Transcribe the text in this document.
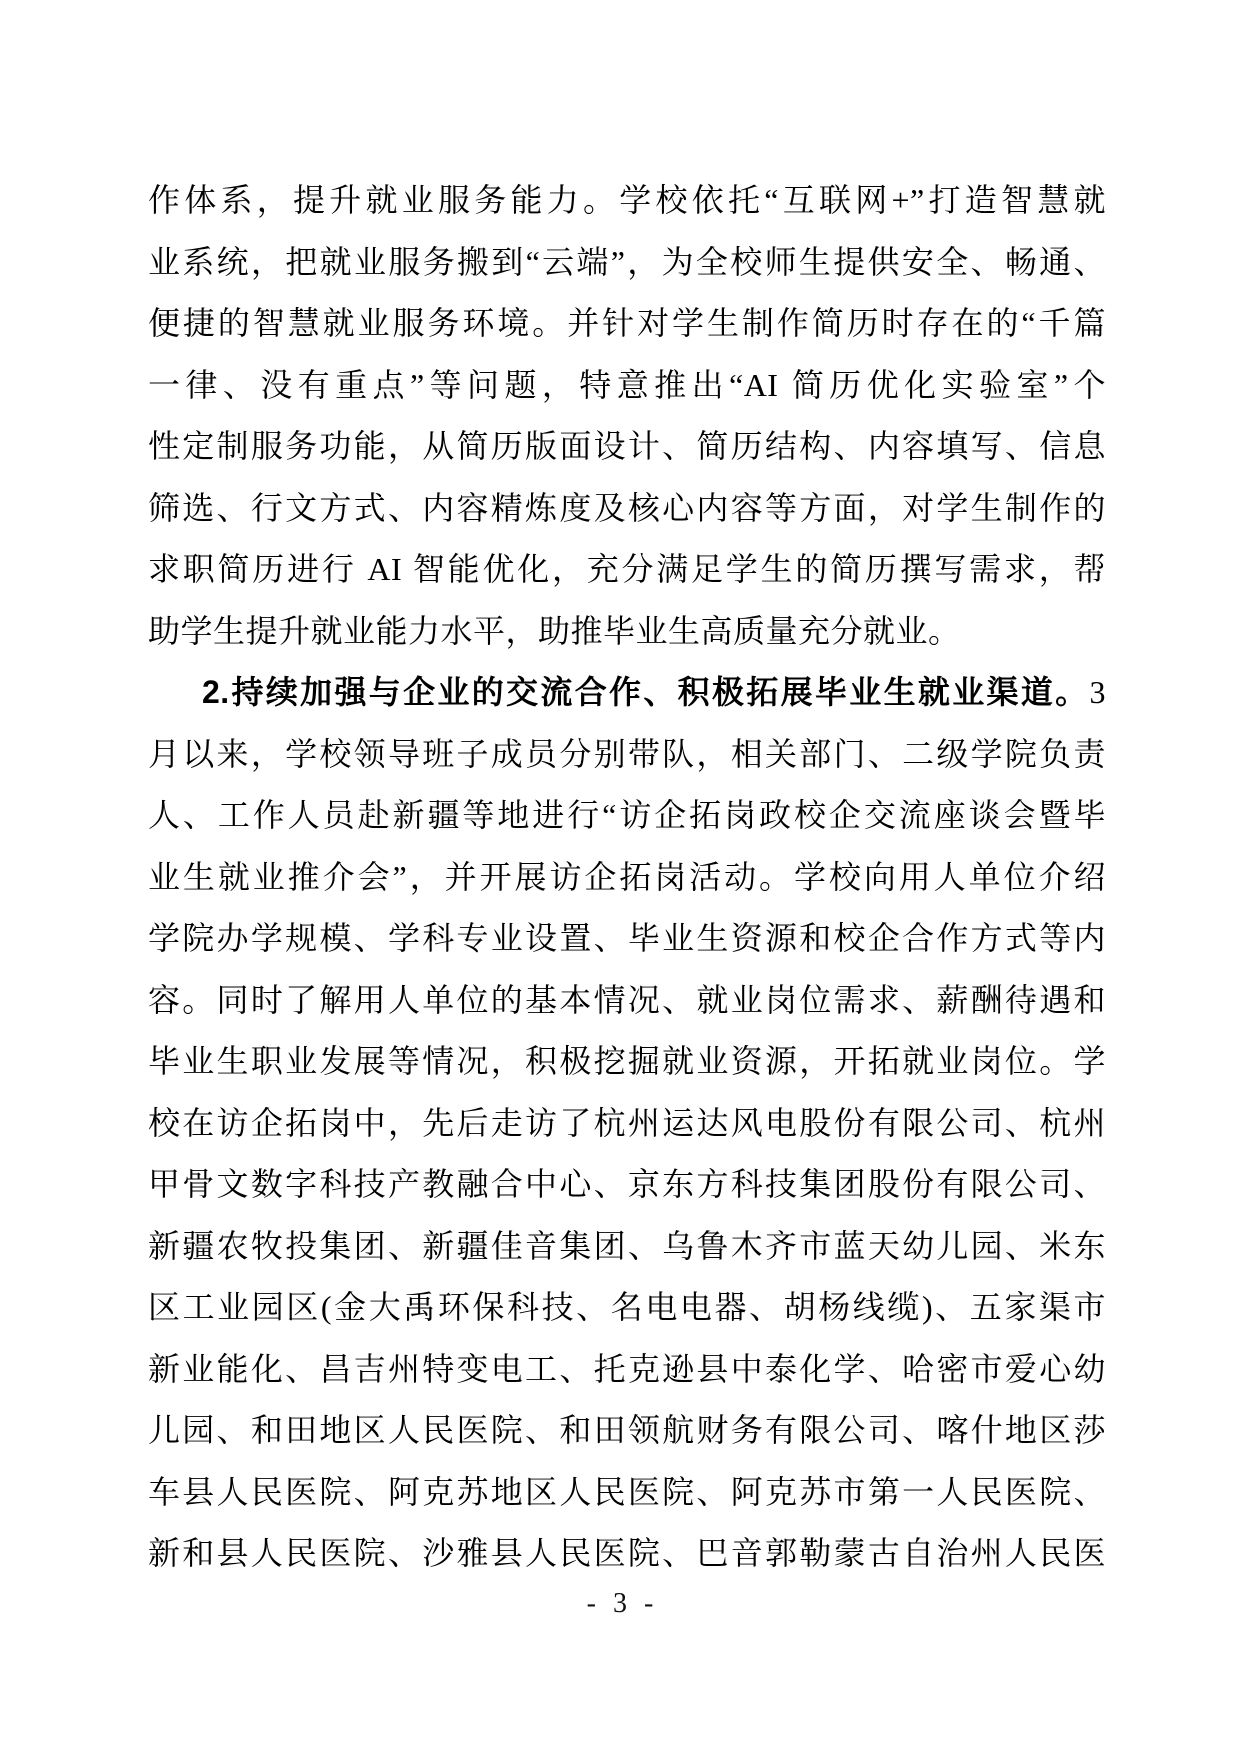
作体系，提升就业服务能力。学校依托“互联网+”打造智慧就
业系统，把就业服务搬到“云端”，为全校师生提供安全、畅通、
便捷的智慧就业服务环境。并针对学生制作简历时存在的“千篇
一律、没有重点”等问题，特意推出“AI 简历优化实验室”个
性定制服务功能，从简历版面设计、简历结构、内容填写、信息
筛选、行文方式、内容精炼度及核心内容等方面，对学生制作的
求职简历进行 AI 智能优化，充分满足学生的简历撰写需求，帮
助学生提升就业能力水平，助推毕业生高质量充分就业。
2.持续加强与企业的交流合作、积极拓展毕业生就业渠道。3
月以来，学校领导班子成员分别带队，相关部门、二级学院负责
人、工作人员赴新疆等地进行“访企拓岗政校企交流座谈会暨毕
业生就业推介会”，并开展访企拓岗活动。学校向用人单位介绍
学院办学规模、学科专业设置、毕业生资源和校企合作方式等内
容。同时了解用人单位的基本情况、就业岗位需求、薪酬待遇和
毕业生职业发展等情况，积极挖掘就业资源，开拓就业岗位。学
校在访企拓岗中，先后走访了杭州运达风电股份有限公司、杭州
甲骨文数字科技产教融合中心、京东方科技集团股份有限公司、
新疆农牧投集团、新疆佳音集团、乌鲁木齐市蓝天幼儿园、米东
区工业园区(金大禹环保科技、名电电器、胡杨线缆)、五家渠市
新业能化、昌吉州特变电工、托克逊县中泰化学、哈密市爱心幼
儿园、和田地区人民医院、和田领航财务有限公司、喀什地区莎
车县人民医院、阿克苏地区人民医院、阿克苏市第一人民医院、
新和县人民医院、沙雅县人民医院、巴音郭勒蒙古自治州人民医
- 3 -
